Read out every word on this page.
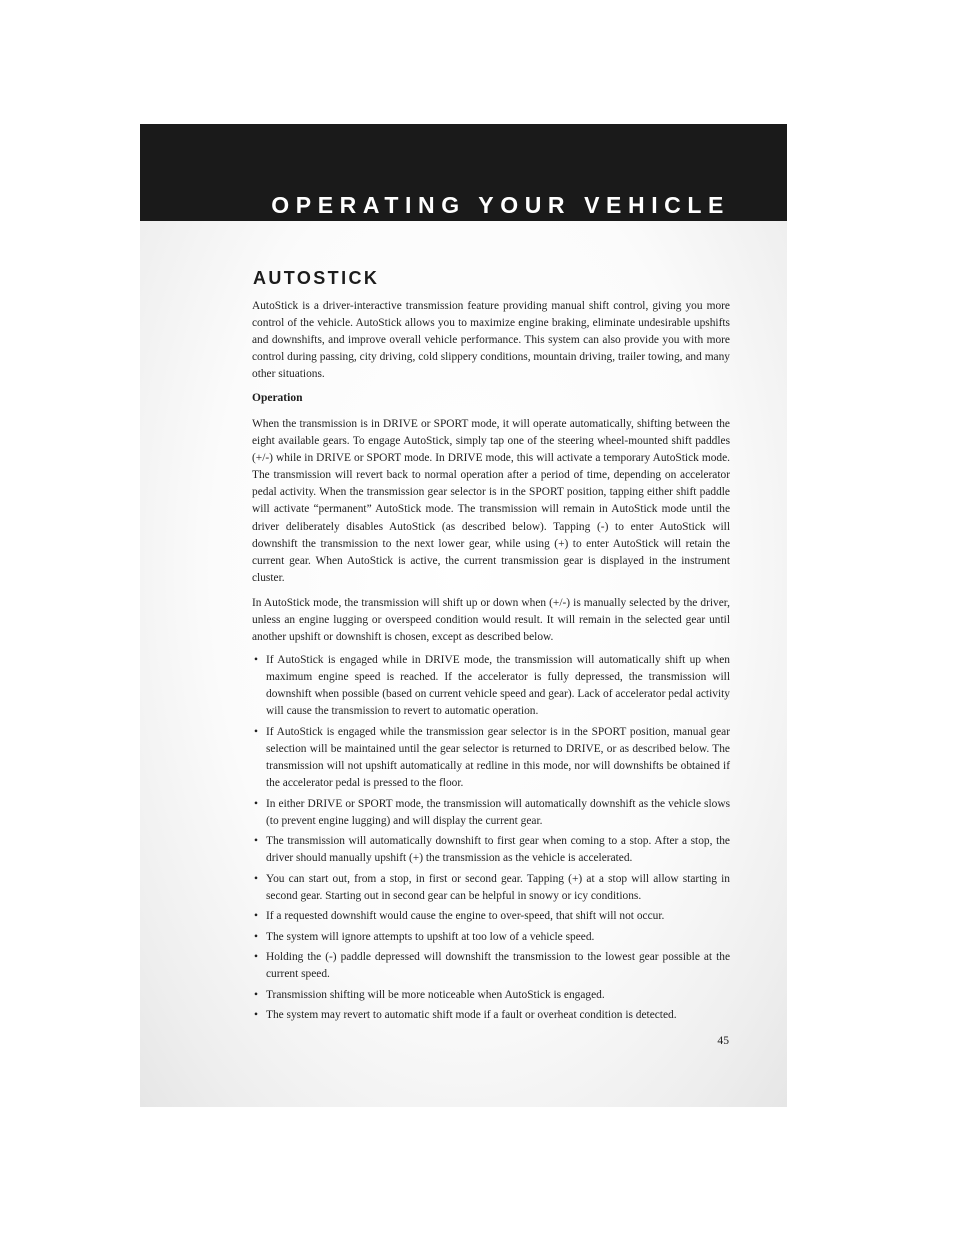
OPERATING YOUR VEHICLE
AUTOSTICK

AutoStick is a driver-interactive transmission feature providing manual shift control, giving you more control of the vehicle. AutoStick allows you to maximize engine braking, eliminate undesirable upshifts and downshifts, and improve overall vehicle performance. This system can also provide you with more control during passing, city driving, cold slippery conditions, mountain driving, trailer towing, and many other situations.

Operation

When the transmission is in DRIVE or SPORT mode, it will operate automatically, shifting between the eight available gears. To engage AutoStick, simply tap one of the steering wheel-mounted shift paddles (+/-) while in DRIVE or SPORT mode. In DRIVE mode, this will activate a temporary AutoStick mode. The transmission will revert back to normal operation after a period of time, depending on accelerator pedal activity. When the transmission gear selector is in the SPORT position, tapping either shift paddle will activate “permanent” AutoStick mode. The transmission will remain in AutoStick mode until the driver deliberately disables AutoStick (as described below). Tapping (-) to enter AutoStick will downshift the transmission to the next lower gear, while using (+) to enter AutoStick will retain the current gear. When AutoStick is active, the current transmission gear is displayed in the instrument cluster.

In AutoStick mode, the transmission will shift up or down when (+/-) is manually selected by the driver, unless an engine lugging or overspeed condition would result. It will remain in the selected gear until another upshift or downshift is chosen, except as described below.

• If AutoStick is engaged while in DRIVE mode, the transmission will automatically shift up when maximum engine speed is reached. If the accelerator is fully depressed, the transmission will downshift when possible (based on current vehicle speed and gear). Lack of accelerator pedal activity will cause the transmission to revert to automatic operation.
• If AutoStick is engaged while the transmission gear selector is in the SPORT position, manual gear selection will be maintained until the gear selector is returned to DRIVE, or as described below. The transmission will not upshift automatically at redline in this mode, nor will downshifts be obtained if the accelerator pedal is pressed to the floor.
• In either DRIVE or SPORT mode, the transmission will automatically downshift as the vehicle slows (to prevent engine lugging) and will display the current gear.
• The transmission will automatically downshift to first gear when coming to a stop. After a stop, the driver should manually upshift (+) the transmission as the vehicle is accelerated.
• You can start out, from a stop, in first or second gear. Tapping (+) at a stop will allow starting in second gear. Starting out in second gear can be helpful in snowy or icy conditions.
• If a requested downshift would cause the engine to over-speed, that shift will not occur.
• The system will ignore attempts to upshift at too low of a vehicle speed.
• Holding the (-) paddle depressed will downshift the transmission to the lowest gear possible at the current speed.
• Transmission shifting will be more noticeable when AutoStick is engaged.
• The system may revert to automatic shift mode if a fault or overheat condition is detected.
45
